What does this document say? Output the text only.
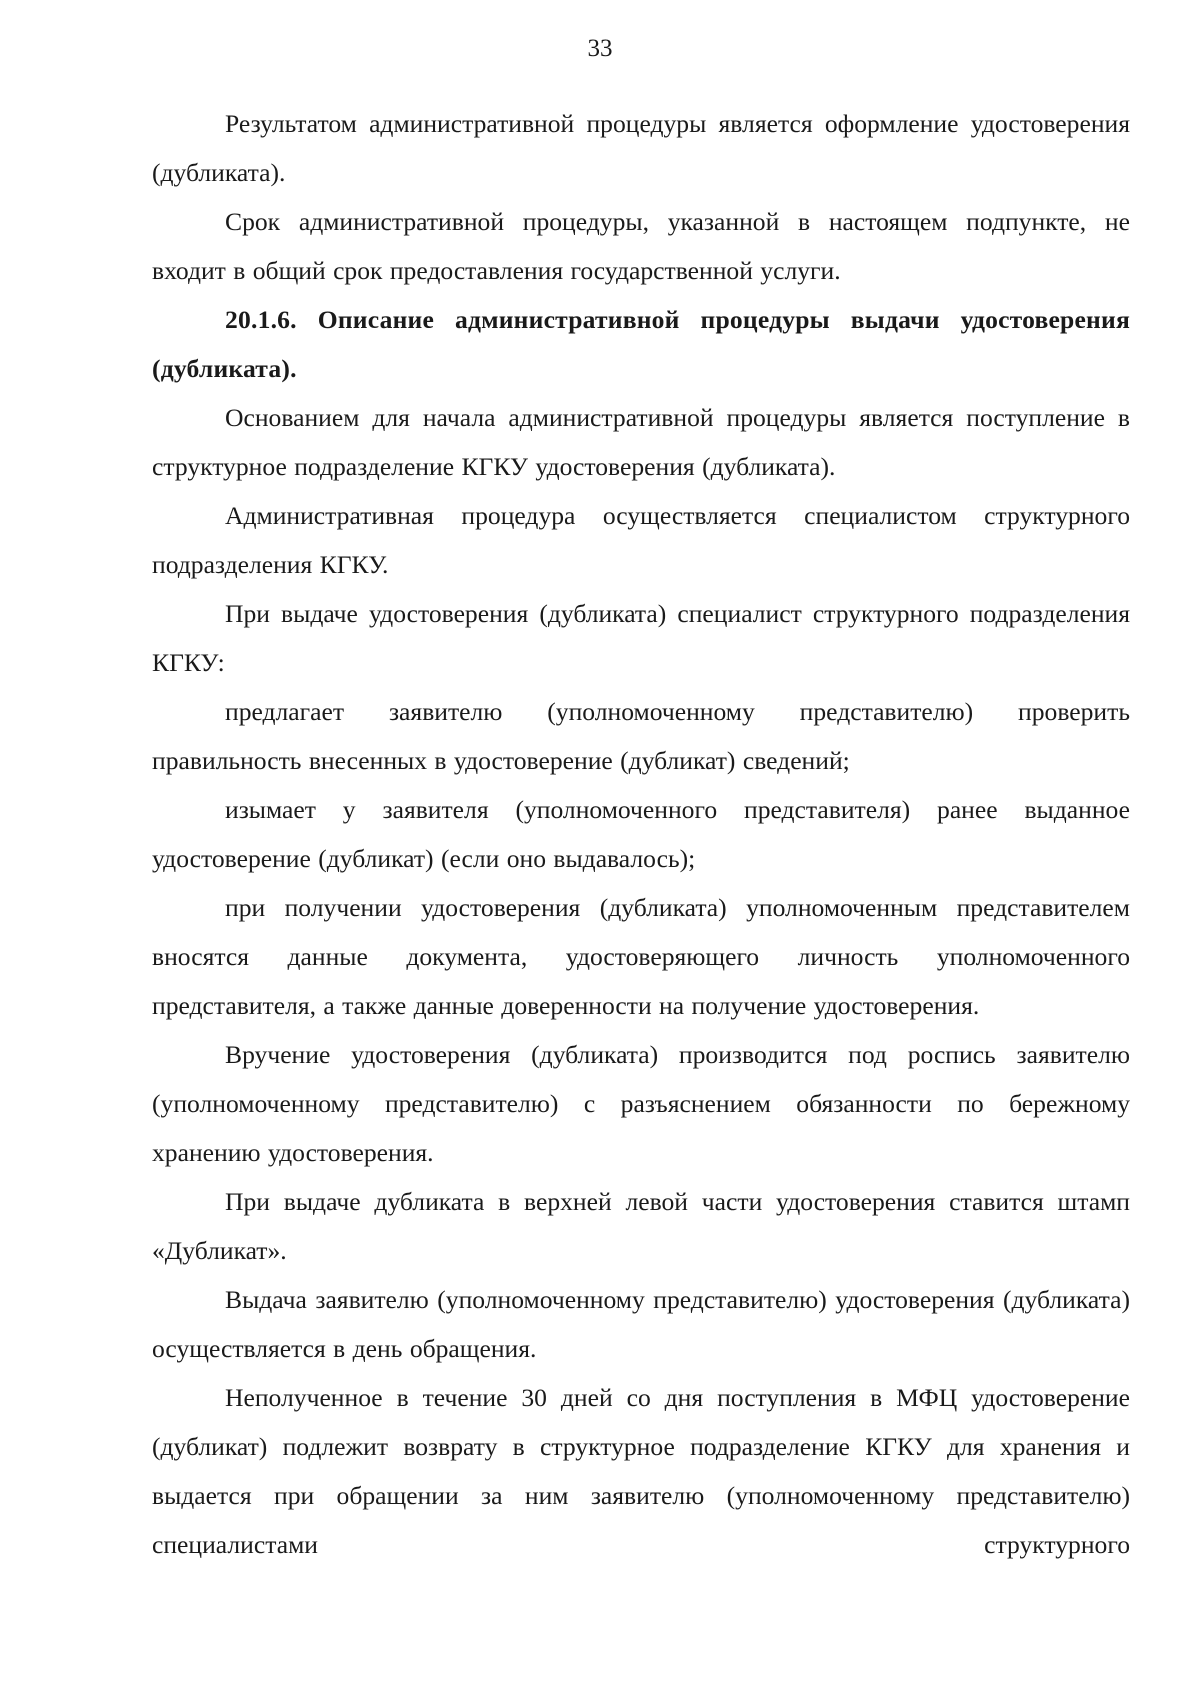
33

Результатом административной процедуры является оформление удостоверения (дубликата).

Срок административной процедуры, указанной в настоящем подпункте, не входит в общий срок предоставления государственной услуги.

20.1.6. Описание административной процедуры выдачи удостоверения (дубликата).

Основанием для начала административной процедуры является поступление в структурное подразделение КГКУ удостоверения (дубликата).

Административная процедура осуществляется специалистом структурного подразделения КГКУ.

При выдаче удостоверения (дубликата) специалист структурного подразделения КГКУ:

предлагает заявителю (уполномоченному представителю) проверить правильность внесенных в удостоверение (дубликат) сведений;

изымает у заявителя (уполномоченного представителя) ранее выданное удостоверение (дубликат) (если оно выдавалось);

при получении удостоверения (дубликата) уполномоченным представителем вносятся данные документа, удостоверяющего личность уполномоченного представителя, а также данные доверенности на получение удостоверения.

Вручение удостоверения (дубликата) производится под роспись заявителю (уполномоченному представителю) с разъяснением обязанности по бережному хранению удостоверения.

При выдаче дубликата в верхней левой части удостоверения ставится штамп «Дубликат».

Выдача заявителю (уполномоченному представителю) удостоверения (дубликата) осуществляется в день обращения.

Неполученное в течение 30 дней со дня поступления в МФЦ удостоверение (дубликат) подлежит возврату в структурное подразделение КГКУ для хранения и выдается при обращении за ним заявителю (уполномоченному представителю) специалистами структурного
